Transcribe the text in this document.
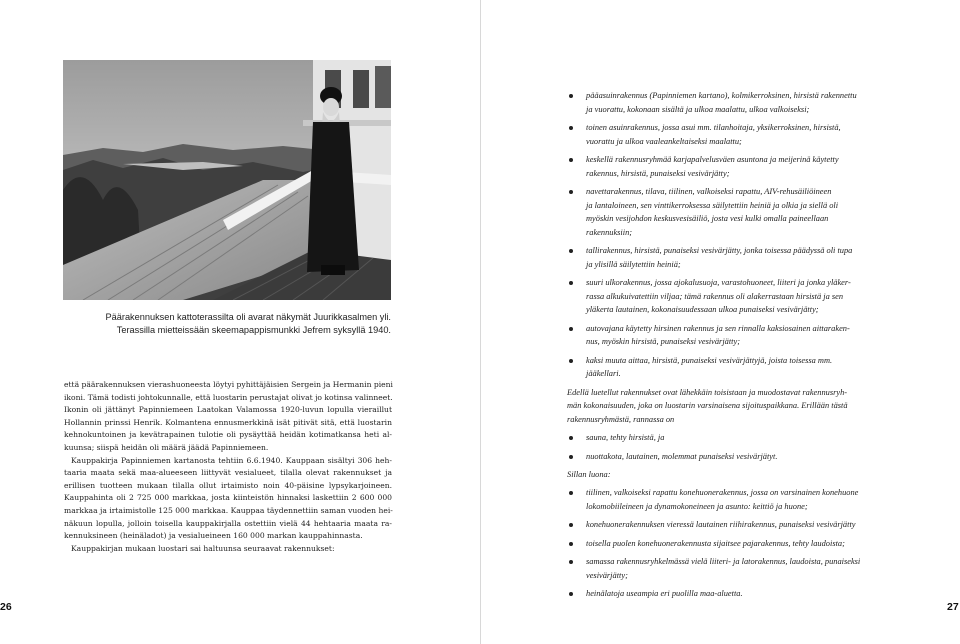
Päärakennuksen kattoterassilta oli avarat näkymät Juurikkasalmen yli.
Terassilla mietteissään skeemapappismunkki Jefrem syksyllä 1940.
että päärakennuksen vierashuoneesta löytyi pyhittäjäisien Sergein ja Hermanin pieni
ikoni. Tämä todisti johtokunnalle, että luostarin perustajat olivat jo kotinsa valinneet.
Ikonin oli jättänyt Papinniemeen Laatokan Valamossa 1920-luvun lopulla vieraillut
Hollannin prinssi Henrik. Kolmantena ennusmerkkinä isät pitivät sitä, että luostarin
kehnokuntoinen ja kevätrapainen tulotie oli pysäyttää heidän kotimatkansa heti al-
kuunsa; siispä heidän oli määrä jäädä Papinniemeen.
Kauppakirja Papinniemen kartanosta tehtiin 6.6.1940. Kauppaan sisältyi 306 heh-
taaria maata sekä maa-alueeseen liittyvät vesialueet, tilalla olevat rakennukset ja
erillisen tuotteen mukaan tilalla ollut irtaimisto noin 40-päisine lypsykarjoineen.
Kauppahinta oli 2 725 000 markkaa, josta kiinteistön hinnaksi laskettiin 2 600 000
markkaa ja irtaimistolle 125 000 markkaa. Kauppaa täydennettiin saman vuoden hei-
näkuun lopulla, jolloin toisella kauppakirjalla ostettiin vielä 44 hehtaaria maata ra-
kennuksineen (heinäladot) ja vesialueineen 160 000 markan kauppahinnasta.
Kauppakirjan mukaan luostari sai haltuunsa seuraavat rakennukset:
26
pääasuinrakennus (Papinniemen kartano), kolmikerroksinen, hirsistä rakennettu
ja vuorattu, kokonaan sisältä ja ulkoa maalattu, ulkoa valkoiseksi;
toinen asuinrakennus, jossa asui mm. tilanhoitaja, yksikerroksinen, hirsistä,
vuorattu ja ulkoa vaaleankeltaiseksi maalattu;
keskellä rakennusryhmää karjapalvelusväen asuntona ja meijerinä käytetty
rakennus, hirsistä, punaiseksi vesivärjätty;
navettarakennus, tilava, tiilinen, valkoiseksi rapattu, AIV-rehusäiliöineen
ja lantaloineen, sen vinttikerroksessa säilytettiin heiniä ja olkia ja siellä oli
myöskin vesijohdon keskusvesisäiliö, josta vesi kulki omalla paineellaan
rakennuksiin;
tallirakennus, hirsistä, punaiseksi vesivärjätty, jonka toisessa päädyssä oli tupa
ja ylisillä säilytettiin heiniä;
suuri ulkorakennus, jossa ajokalusuoja, varastohuoneet, liiteri ja jonka yläker-
rassa alkukuivatettiin viljaa; tämä rakennus oli alakerrastaan hirsistä ja sen
yläkerta lautainen, kokonaisuudessaan ulkoa punaiseksi vesivärjätty;
autovajana käytetty hirsinen rakennus ja sen rinnalla kaksiosainen aittaraken-
nus, myöskin hirsistä, punaiseksi vesivärjätty;
kaksi muuta aittaa, hirsistä, punaiseksi vesivärjättyjä, joista toisessa mm.
jääkellari.

Edellä luetellut rakennukset ovat lähekkäin toisistaan ja muodostavat rakennusryh-
män kokonaisuuden, joka on luostarin varsinaisena sijoituspaikkana. Erillään tästä
rakennusryhmästä, rannassa on

sauna, tehty hirsistä, ja
nuottakota, lautainen, molemmat punaiseksi vesivärjätyt.

Sillan luona:

tiilinen, valkoiseksi rapattu konehuonerakennus, jossa on varsinainen konehuone
lokomobiileineen ja dynamokoneineen ja asunto: keittiö ja huone;
konehuonerakennuksen vieressä lautainen riihirakennus, punaiseksi vesivärjätty
toisella puolen konehuonerakennusta sijaitsee pajarakennus, tehty laudoista;
samassa rakennusryhkelmässä vielä liiteri- ja latorakennus, laudoista, punaiseksi
vesivärjätty;
heinälatoja useampia eri puolilla maa-aluetta.
27
